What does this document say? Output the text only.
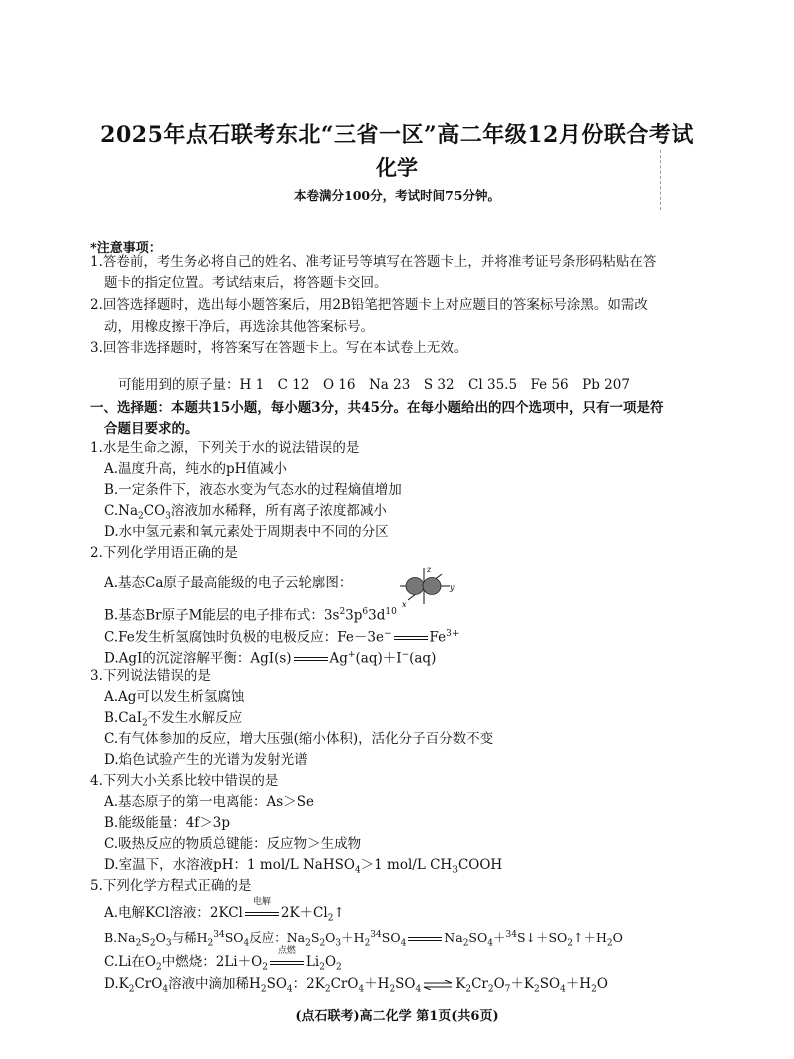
2025年点石联考东北“三省一区”高二年级12月份联合考试
化学
本卷满分100分，考试时间75分钟。
*注意事项：
1.答卷前，考生务必将自己的姓名、准考证号等填写在答题卡上，并将准考证号条形码粘贴在答
题卡的指定位置。考试结束后，将答题卡交回。
2.回答选择题时，选出每小题答案后，用2B铅笔把答题卡上对应题目的答案标号涂黑。如需改
动，用橡皮擦干净后，再选涂其他答案标号。
3.回答非选择题时，将答案写在答题卡上。写在本试卷上无效。
可能用到的原子量：H 1　C 12　O 16　Na 23　S 32　Cl 35.5　Fe 56　Pb 207
一、选择题：本题共15小题，每小题3分，共45分。在每小题给出的四个选项中，只有一项是符
合题目要求的。
1.水是生命之源，下列关于水的说法错误的是
A.温度升高，纯水的pH值减小
B.一定条件下，液态水变为气态水的过程熵值增加
$C.Na_2CO_3$溶液加水稀释，所有离子浓度都减小
D.水中氢元素和氧元素处于周期表中不同的分区
2.下列化学用语正确的是
A.基态Ca原子最高能级的电子云轮廓图：
z
y
x
B.基态Br原子M能层的电子排布式：$3s^23p^63d^{10}$
C.Fe发生析氢腐蚀时负极的电极反应：Fe－3e−	$Fe^{3+}$
D.AgI的沉淀溶解平衡：AgI(s)	Ag+(aq)＋I−(aq)
3.下列说法错误的是
A.Ag可以发生析氢腐蚀
B.CaI$_2$不发生水解反应
C.有气体参加的反应，增大压强(缩小体积)，活化分子百分数不变
D.焰色试验产生的光谱为发射光谱
4.下列大小关系比较中错误的是
A.基态原子的第一电离能：As＞Se
B.能级能量：4f＞3p
C.吸热反应的物质总键能：反应物＞生成物
D.室温下，水溶液pH：1 mol/L NaHSO$_4$＞1 mol/L $CH_3COOH$
5.下列化学方程式正确的是
A.电解KCl溶液：2KCl
电解
$2K+Cl_2↑$
$B.Na_2S_2O_3$与稀$H_2^{34}SO_4$反应：$Na_2S_2O_3+H_2^{34}SO_4$	$Na_2SO_4+^{34}S↓+SO_2↑+H_2O$
C.Li在$O_2$中燃烧：$2Li+O_2$
点燃
$Li_2O_2$
$D.K_2CrO_4$溶液中滴加稀$H_2SO_4$：$2K_2CrO_4+H_2SO_4$ ⇌ $K_2Cr_2O_7+K_2SO_4+H_2O$
(点石联考)高二化学 第1页(共6页)
